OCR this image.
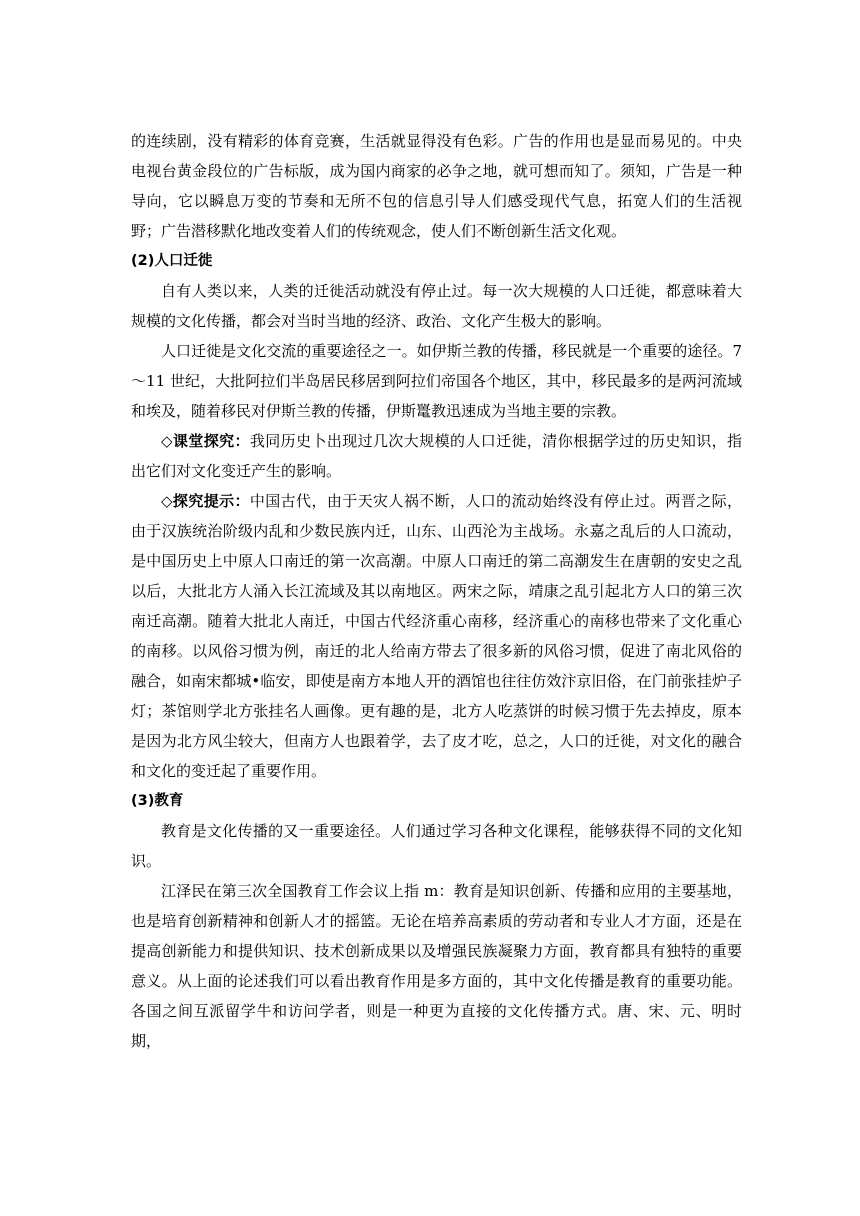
的连续剧，没有精彩的体育竞赛，生活就显得没有色彩。广告的作用也是显而易见的。中央电视台黄金段位的广告标版，成为国内商家的必争之地，就可想而知了。须知，广告是一种导向，它以瞬息万变的节奏和无所不包的信息引导人们感受现代气息，拓宽人们的生活视野；广告潜移默化地改变着人们的传统观念，使人们不断创新生活文化观。

(2)人口迁徙

自有人类以来，人类的迁徙活动就没有停止过。每一次大规模的人口迁徙，都意味着大规模的文化传播，都会对当时当地的经济、政治、文化产生极大的影响。

人口迁徙是文化交流的重要途径之一。如伊斯兰教的传播，移民就是一个重要的途径。7～11 世纪，大批阿拉们半岛居民移居到阿拉们帝国各个地区，其中，移民最多的是两河流域和埃及，随着移民对伊斯兰教的传播，伊斯鼍教迅速成为当地主要的宗教。

◇课堂探究：我同历史卜出现过几次大规模的人口迁徙，清你根据学过的历史知识，指出它们对文化变迁产生的影响。

◇探究提示：中国古代，由于天灾人祸不断，人口的流动始终没有停止过。两晋之际，由于汉族统治阶级内乱和少数民族内迁，山东、山西沦为主战场。永嘉之乱后的人口流动，是中国历史上中原人口南迁的第一次高潮。中原人口南迁的第二高潮发生在唐朝的安史之乱以后，大批北方人涌入长江流域及其以南地区。两宋之际，靖康之乱引起北方人口的第三次南迁高潮。随着大批北人南迁，中国古代经济重心南移，经济重心的南移也带来了文化重心的南移。以风俗习惯为例，南迁的北人给南方带去了很多新的风俗习惯，促进了南北风俗的融合，如南宋都城•临安，即使是南方本地人开的酒馆也往往仿效汴京旧俗，在门前张挂炉子灯；茶馆则学北方张挂名人画像。更有趣的是，北方人吃蒸饼的时候习惯于先去掉皮，原本是因为北方风尘较大，但南方人也跟着学，去了皮才吃，总之，人口的迁徙，对文化的融合和文化的变迁起了重要作用。

(3)教育

教育是文化传播的又一重要途径。人们通过学习各种文化课程，能够获得不同的文化知识。

江泽民在第三次全国教育工作会议上指 m：教育是知识创新、传播和应用的主要基地，也是培育创新精神和创新人才的摇篮。无论在培养高素质的劳动者和专业人才方面，还是在提高创新能力和提供知识、技术创新成果以及增强民族凝聚力方面，教育都具有独特的重要意义。从上面的论述我们可以看出教育作用是多方面的，其中文化传播是教育的重要功能。各国之间互派留学牛和访问学者，则是一种更为直接的文化传播方式。唐、宋、元、明时期，
